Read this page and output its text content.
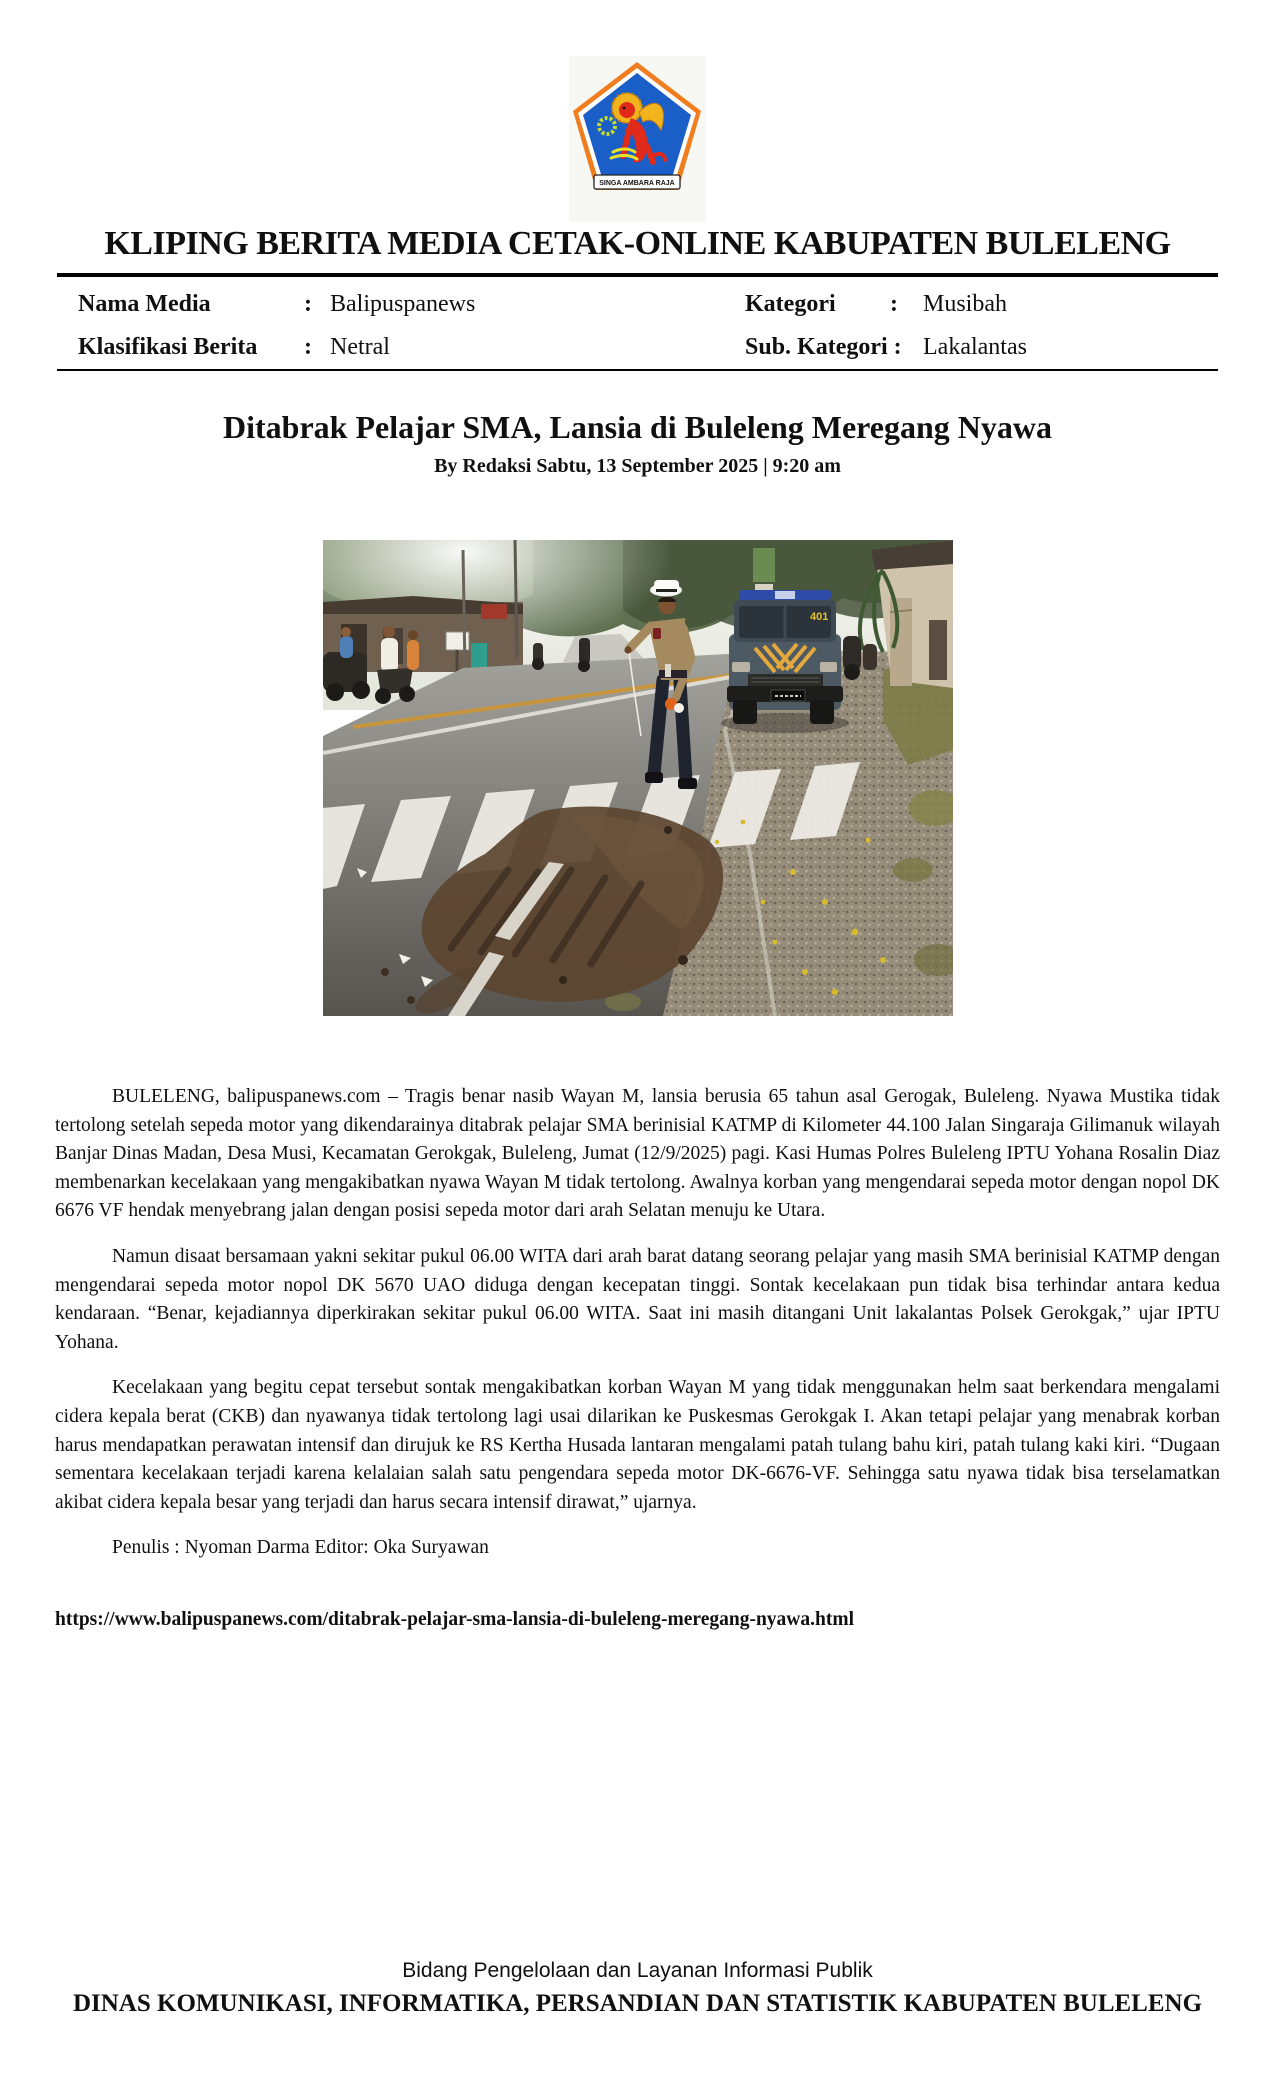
SINGA AMBARA RAJA
KLIPING BERITA MEDIA CETAK-ONLINE KABUPATEN BULELENG
Nama Media	: Balipuspanews	Kategori	:	Musibah
Klasifikasi Berita	: Netral	Sub. Kategori : Lakalantas
Ditabrak Pelajar SMA, Lansia di Buleleng Meregang Nyawa
By Redaksi Sabtu, 13 September 2025 | 9:20 am
401

BULELENG, balipuspanews.com – Tragis benar nasib Wayan M, lansia berusia 65 tahun asal Gerogak, Buleleng. Nyawa Mustika tidak tertolong setelah sepeda motor yang dikendarainya ditabrak pelajar SMA berinisial KATMP di Kilometer 44.100 Jalan Singaraja Gilimanuk wilayah Banjar Dinas Madan, Desa Musi, Kecamatan Gerokgak, Buleleng, Jumat (12/9/2025) pagi. Kasi Humas Polres Buleleng IPTU Yohana Rosalin Diaz membenarkan kecelakaan yang mengakibatkan nyawa Wayan M tidak tertolong. Awalnya korban yang mengendarai sepeda motor dengan nopol DK 6676 VF hendak menyebrang jalan dengan posisi sepeda motor dari arah Selatan menuju ke Utara.

Namun disaat bersamaan yakni sekitar pukul 06.00 WITA dari arah barat datang seorang pelajar yang masih SMA berinisial KATMP dengan mengendarai sepeda motor nopol DK 5670 UAO diduga dengan kecepatan tinggi. Sontak kecelakaan pun tidak bisa terhindar antara kedua kendaraan. “Benar, kejadiannya diperkirakan sekitar pukul 06.00 WITA. Saat ini masih ditangani Unit lakalantas Polsek Gerokgak,” ujar IPTU Yohana.

Kecelakaan yang begitu cepat tersebut sontak mengakibatkan korban Wayan M yang tidak menggunakan helm saat berkendara mengalami cidera kepala berat (CKB) dan nyawanya tidak tertolong lagi usai dilarikan ke Puskesmas Gerokgak I. Akan tetapi pelajar yang menabrak korban harus mendapatkan perawatan intensif dan dirujuk ke RS Kertha Husada lantaran mengalami patah tulang bahu kiri, patah tulang kaki kiri. “Dugaan sementara kecelakaan terjadi karena kelalaian salah satu pengendara sepeda motor DK-6676-VF. Sehingga satu nyawa tidak bisa terselamatkan akibat cidera kepala besar yang terjadi dan harus secara intensif dirawat,” ujarnya.

Penulis : Nyoman Darma Editor: Oka Suryawan

https://www.balipuspanews.com/ditabrak-pelajar-sma-lansia-di-buleleng-meregang-nyawa.html
Bidang Pengelolaan dan Layanan Informasi Publik
DINAS KOMUNIKASI, INFORMATIKA, PERSANDIAN DAN STATISTIK KABUPATEN BULELENG
